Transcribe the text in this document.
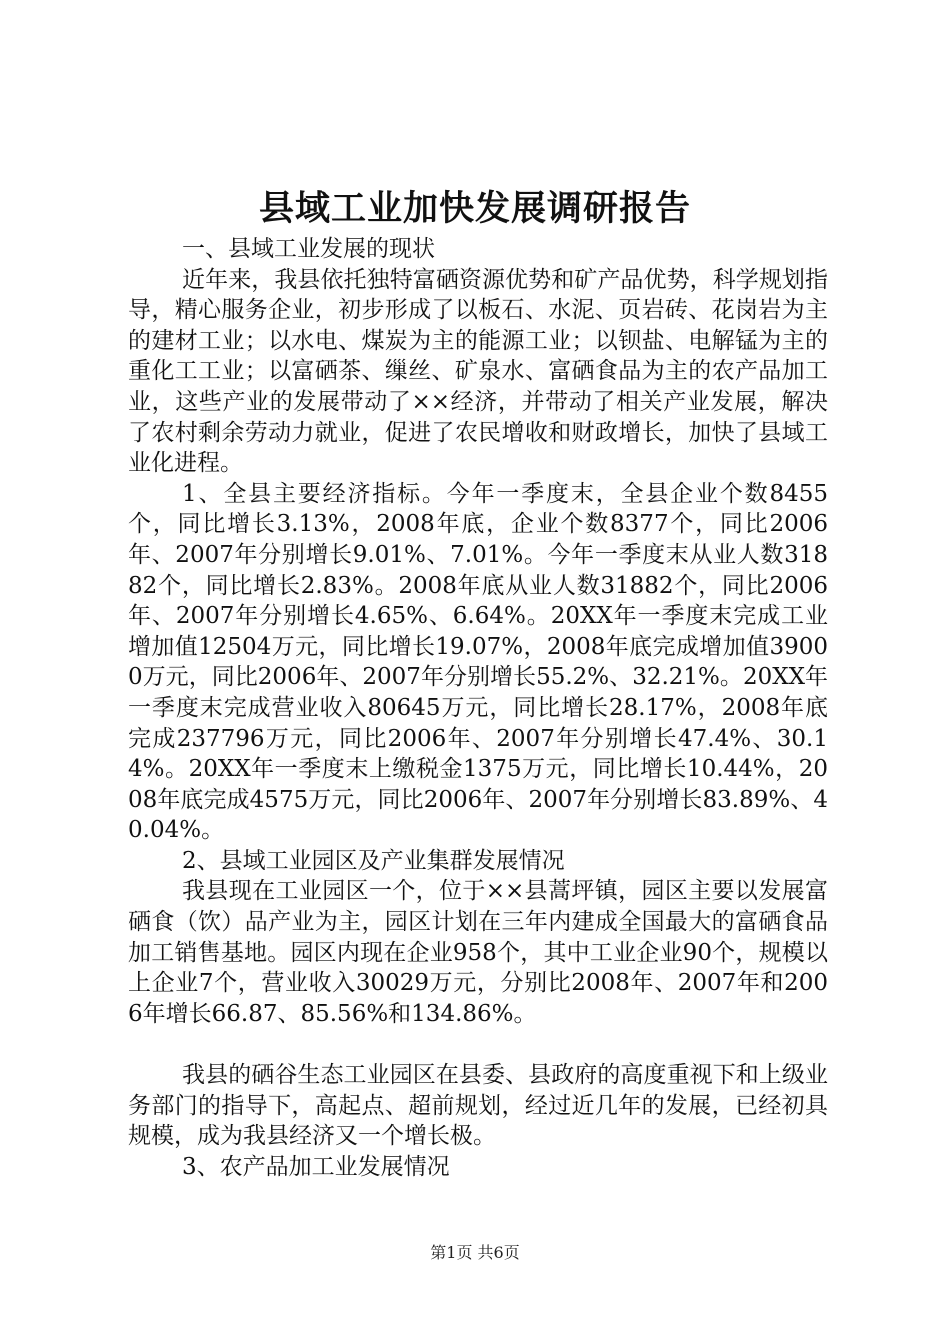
县域工业加快发展调研报告

一、县域工业发展的现状

近年来，我县依托独特富硒资源优势和矿产品优势，科学规划指导，精心服务企业，初步形成了以板石、水泥、页岩砖、花岗岩为主的建材工业；以水电、煤炭为主的能源工业；以钡盐、电解锰为主的重化工工业；以富硒茶、缫丝、矿泉水、富硒食品为主的农产品加工业，这些产业的发展带动了××经济，并带动了相关产业发展，解决了农村剩余劳动力就业，促进了农民增收和财政增长，加快了县域工业化进程。

1、全县主要经济指标。今年一季度末，全县企业个数8455个，同比增长3.13%，2008年底，企业个数8377个，同比2006年、2007年分别增长9.01%、7.01%。今年一季度末从业人数31882个，同比增长2.83%。2008年底从业人数31882个，同比2006年、2007年分别增长4.65%、6.64%。20XX年一季度末完成工业增加值12504万元，同比增长19.07%，2008年底完成增加值39000万元，同比2006年、2007年分别增长55.2%、32.21%。20XX年一季度末完成营业收入80645万元，同比增长28.17%，2008年底完成237796万元，同比2006年、2007年分别增长47.4%、30.14%。20XX年一季度末上缴税金1375万元，同比增长10.44%，2008年底完成4575万元，同比2006年、2007年分别增长83.89%、40.04%。

2、县域工业园区及产业集群发展情况

我县现在工业园区一个，位于××县蒿坪镇，园区主要以发展富硒食（饮）品产业为主，园区计划在三年内建成全国最大的富硒食品加工销售基地。园区内现在企业958个，其中工业企业90个，规模以上企业7个，营业收入30029万元，分别比2008年、2007年和2006年增长66.87、85.56%和134.86%。

我县的硒谷生态工业园区在县委、县政府的高度重视下和上级业务部门的指导下，高起点、超前规划，经过近几年的发展，已经初具规模，成为我县经济又一个增长极。

3、农产品加工业发展情况

第1页 共6页
